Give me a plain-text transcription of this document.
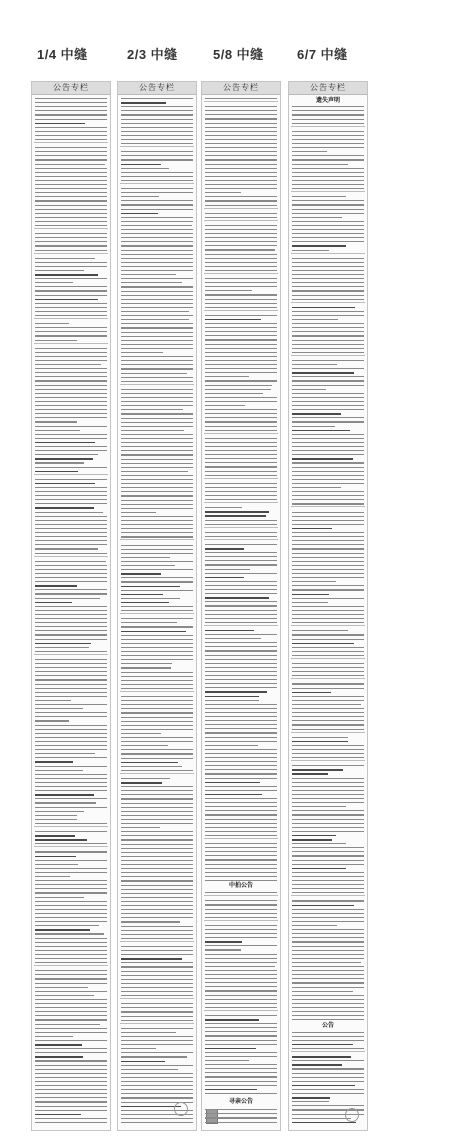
1/4 中缝	2/3 中缝	5/8 中缝	6/7 中缝
公告专栏	公告专栏	公告专栏
中拍公告
寻亲公告
公告专栏
遗失声明
公告
